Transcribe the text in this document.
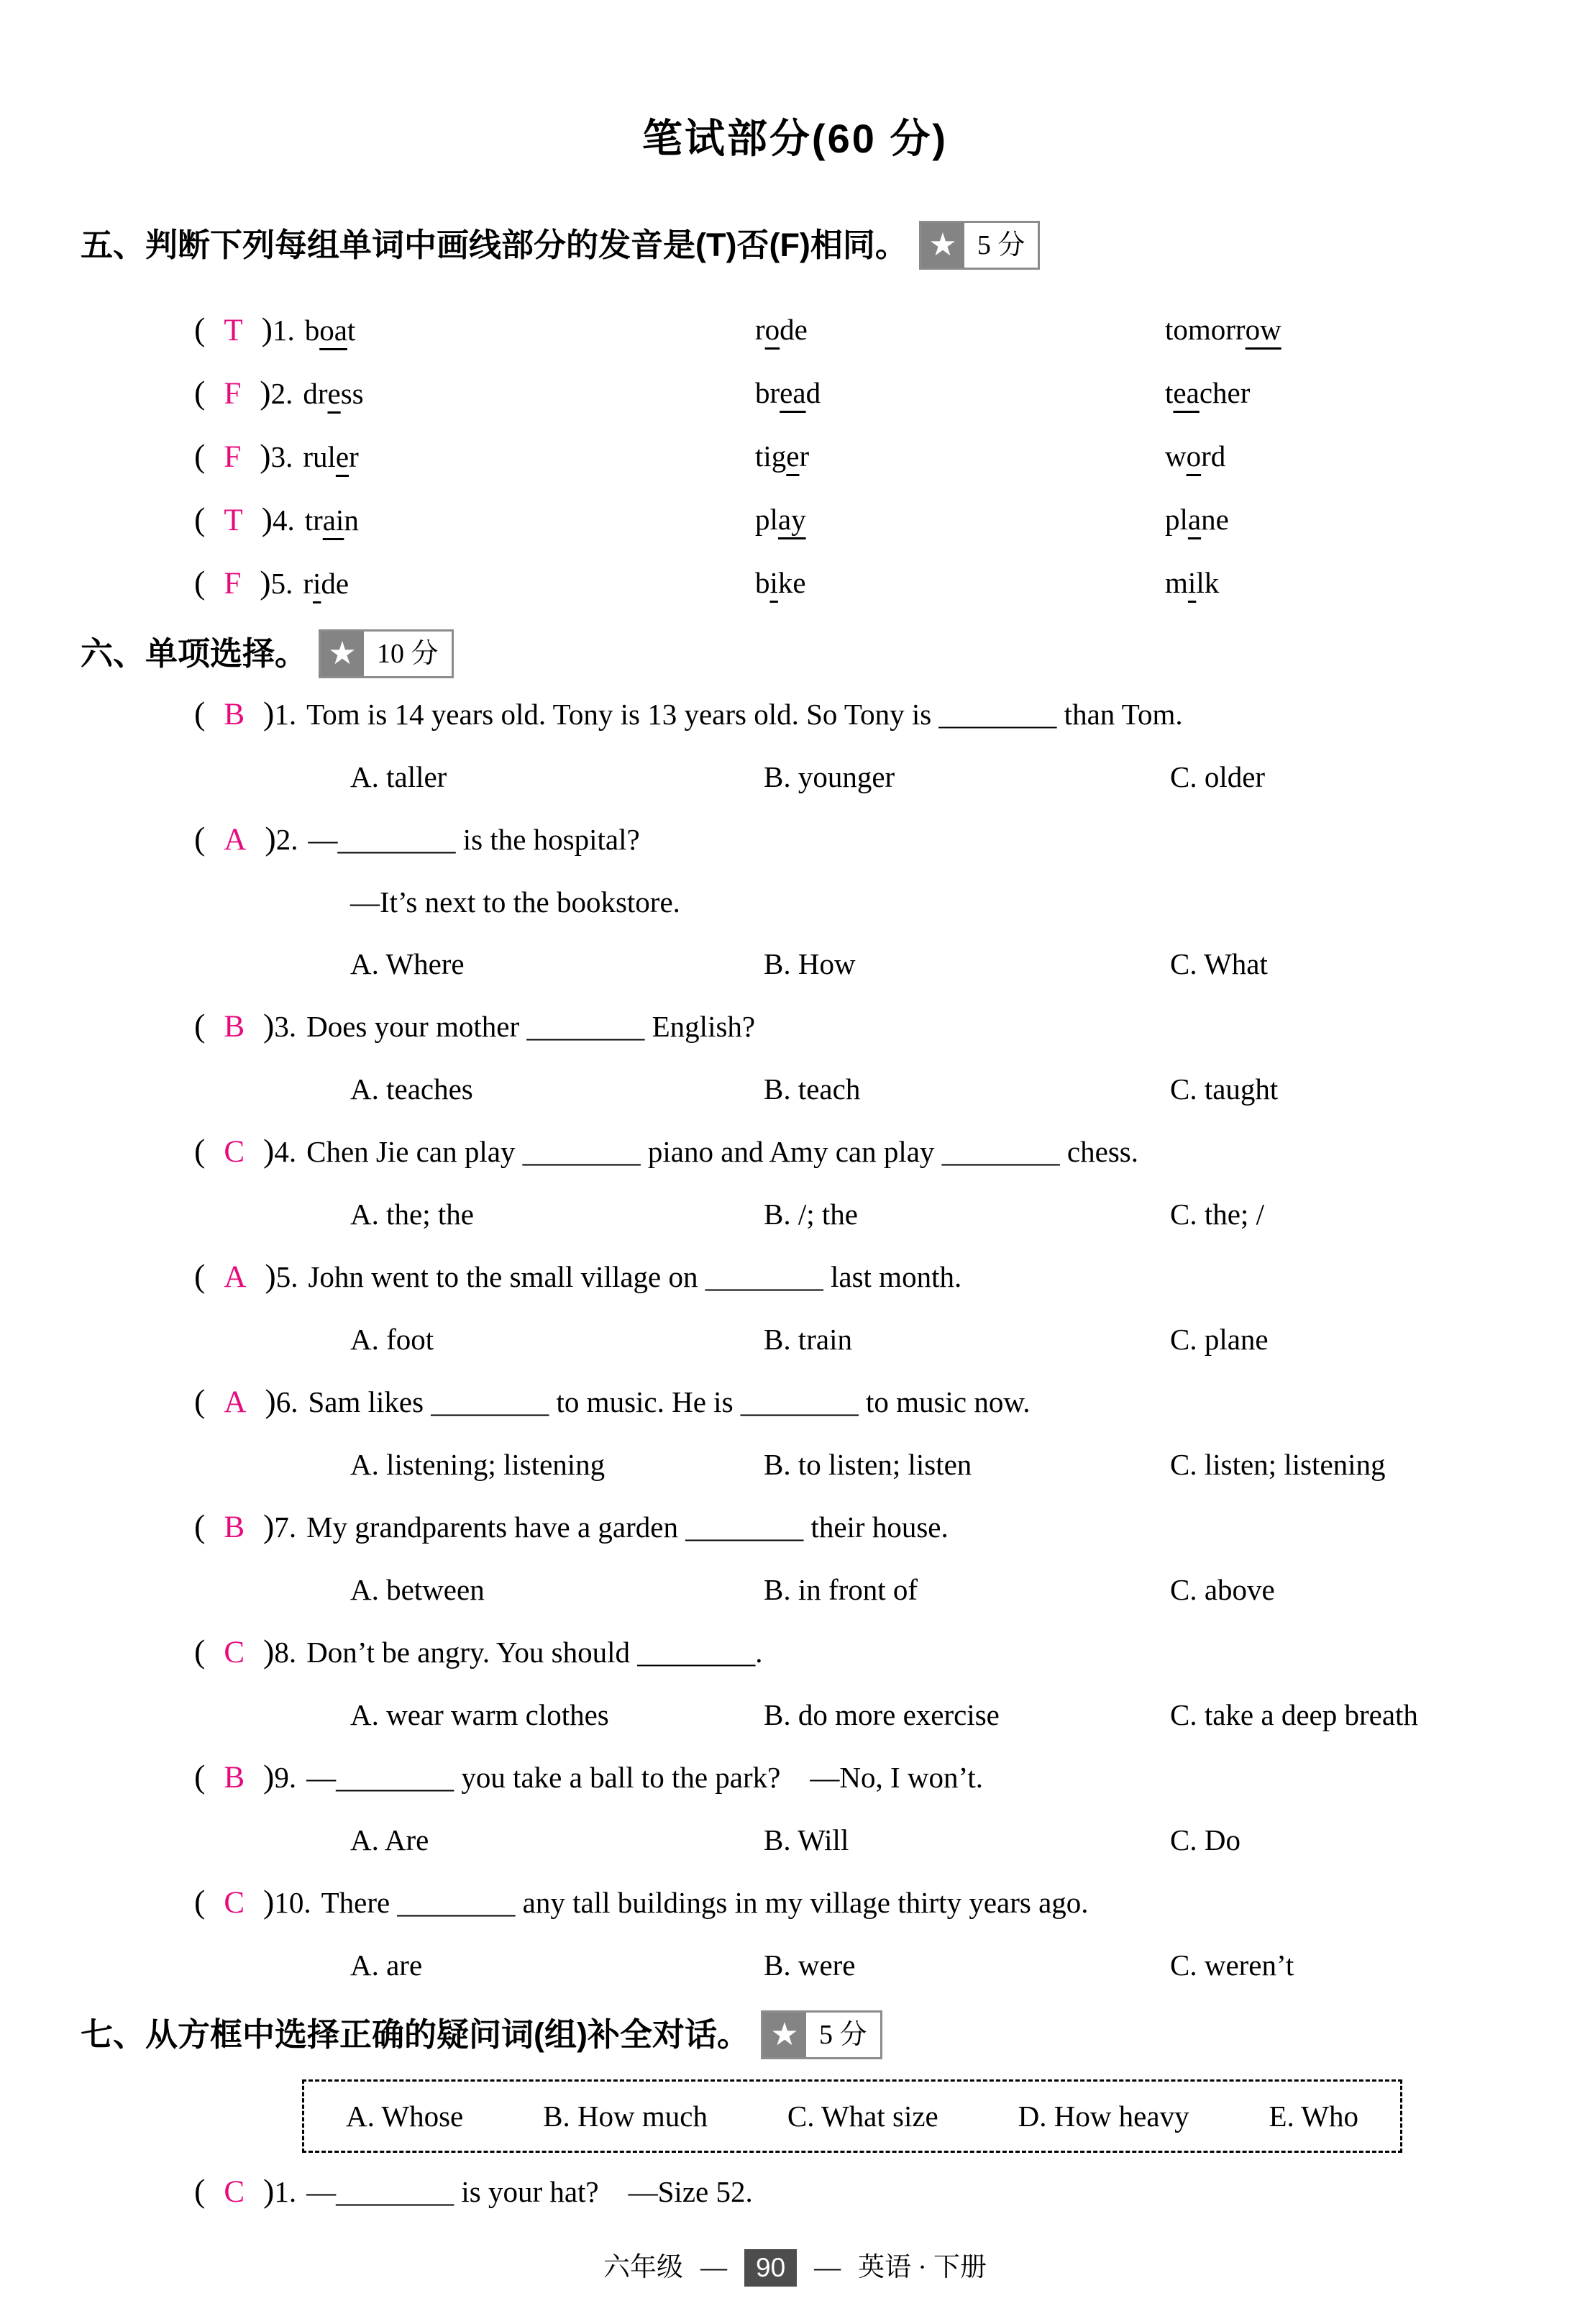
笔试部分(60 分)
五、判断下列每组单词中画线部分的发音是(T)否(F)相同。 ★ 5 分
( T )1. boat	rode	tomorrow
( F )2. dress	bread	teacher
( F )3. ruler	tiger	word
( T )4. train	play	plane
( F )5. ride	bike	milk
六、单项选择。 ★ 10 分
( B )1. Tom is 14 years old. Tony is 13 years old. So Tony is ________ than Tom.
A. taller	B. younger	C. older
( A )2. —________ is the hospital?
—It’s next to the bookstore.
A. Where	B. How	C. What
( B )3. Does your mother ________ English?
A. teaches	B. teach	C. taught
( C )4. Chen Jie can play ________ piano and Amy can play ________ chess.
A. the; the	B. /; the	C. the; /
( A )5. John went to the small village on ________ last month.
A. foot	B. train	C. plane
( A )6. Sam likes ________ to music. He is ________ to music now.
A. listening; listening	B. to listen; listen	C. listen; listening
( B )7. My grandparents have a garden ________ their house.
A. between	B. in front of	C. above
( C )8. Don’t be angry. You should ________.
A. wear warm clothes	B. do more exercise	C. take a deep breath
( B )9. —________ you take a ball to the park?    —No, I won’t.
A. Are	B. Will	C. Do
( C )10. There ________ any tall buildings in my village thirty years ago.
A. are	B. were	C. weren’t
七、从方框中选择正确的疑问词(组)补全对话。 ★ 5 分
A. Whose	B. How much	C. What size	D. How heavy	E. Who
( C )1. —________ is your hat?    —Size 52.
六年级 —	90	— 英语 · 下册
